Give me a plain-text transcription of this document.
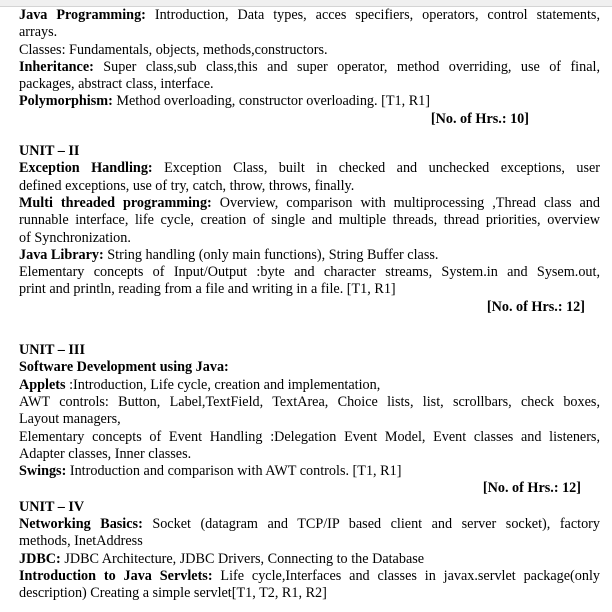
Java Programming: Introduction, Data types, acces specifiers, operators, control statements,
arrays.
Classes: Fundamentals, objects, methods,constructors.
Inheritance: Super class,sub class,this and super operator, method overriding, use of final,
packages, abstract class, interface.
Polymorphism: Method overloading, constructor overloading. [T1, R1]
[No. of Hrs.: 10]
UNIT – II
Exception Handling: Exception Class, built in checked and unchecked exceptions, user
defined exceptions, use of try, catch, throw, throws, finally.
Multi threaded programming: Overview, comparison with multiprocessing ,Thread class and
runnable interface, life cycle, creation of single and multiple threads, thread priorities, overview
of Synchronization.
Java Library: String handling (only main functions), String Buffer class.
Elementary concepts of Input/Output :byte and character streams, System.in and Sysem.out,
print and println, reading from a file and writing in a file. [T1, R1]
[No. of Hrs.: 12]
UNIT – III
Software Development using Java:
Applets :Introduction, Life cycle, creation and implementation,
AWT controls: Button, Label,TextField, TextArea, Choice lists, list, scrollbars, check boxes,
Layout managers,
Elementary concepts of Event Handling :Delegation Event Model, Event classes and listeners,
Adapter classes, Inner classes.
Swings: Introduction and comparison with AWT controls. [T1, R1]
[No. of Hrs.: 12]
UNIT – IV
Networking Basics: Socket (datagram and TCP/IP based client and server socket), factory
methods, InetAddress
JDBC: JDBC Architecture, JDBC Drivers, Connecting to the Database
Introduction to Java Servlets: Life cycle,Interfaces and classes in javax.servlet package(only
description) Creating a simple servlet[T1, T2, R1, R2]
